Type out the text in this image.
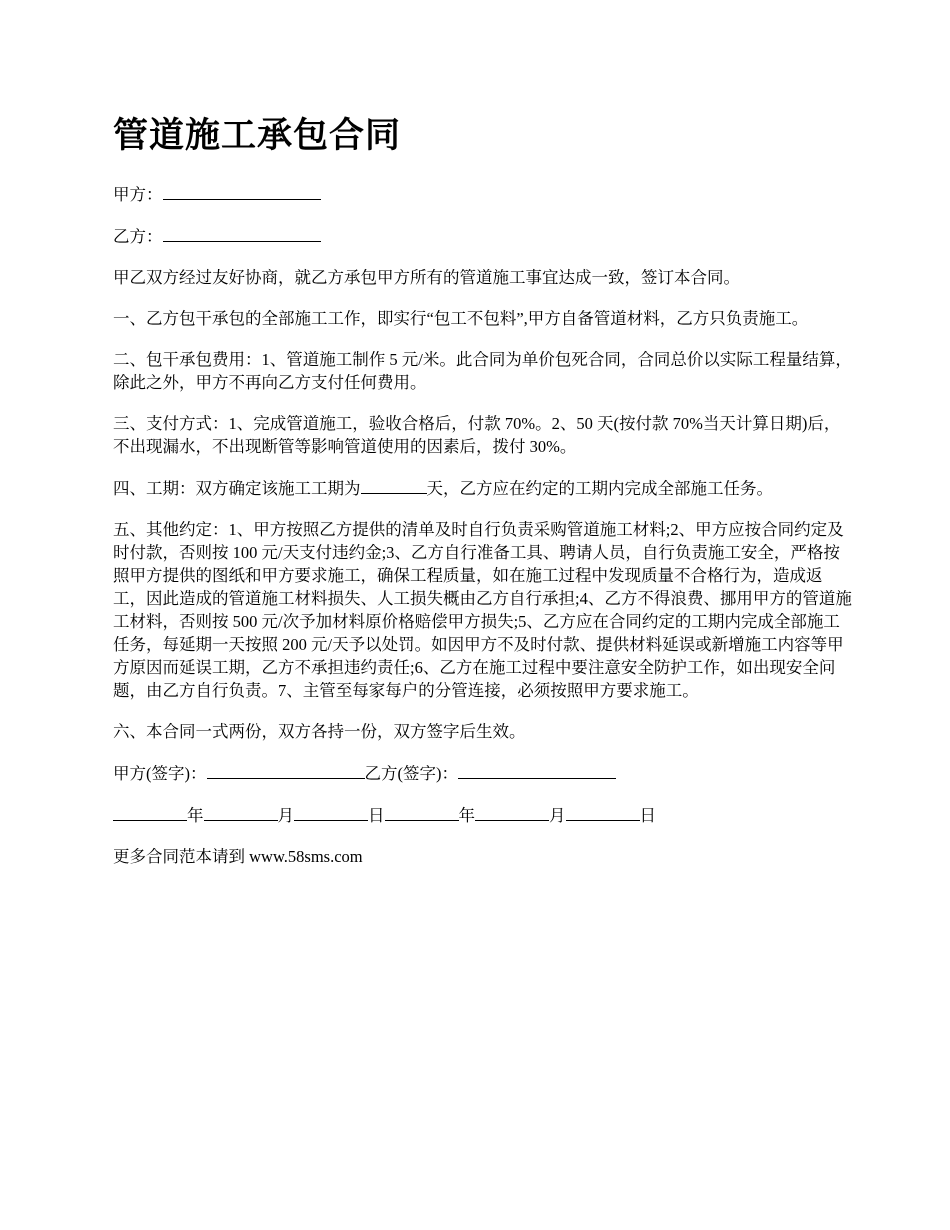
管道施工承包合同
甲方：
乙方：

甲乙双方经过友好协商，就乙方承包甲方所有的管道施工事宜达成一致，签订本合同。

一、乙方包干承包的全部施工工作，即实行“包工不包料”,甲方自备管道材料，乙方只负责施工。

二、包干承包费用：1、管道施工制作 5 元/米。此合同为单价包死合同，合同总价以实际工程量结算，除此之外，甲方不再向乙方支付任何费用。

三、支付方式：1、完成管道施工，验收合格后，付款 70%。2、50 天(按付款 70%当天计算日期)后，不出现漏水，不出现断管等影响管道使用的因素后，拨付 30%。

四、工期：双方确定该施工工期为	天，乙方应在约定的工期内完成全部施工任务。

五、其他约定：1、甲方按照乙方提供的清单及时自行负责采购管道施工材料;2、甲方应按合同约定及时付款，否则按 100 元/天支付违约金;3、乙方自行准备工具、聘请人员，自行负责施工安全，严格按照甲方提供的图纸和甲方要求施工，确保工程质量，如在施工过程中发现质量不合格行为，造成返工，因此造成的管道施工材料损失、人工损失概由乙方自行承担;4、乙方不得浪费、挪用甲方的管道施工材料，否则按 500 元/次予加材料原价格赔偿甲方损失;5、乙方应在合同约定的工期内完成全部施工任务，每延期一天按照 200 元/天予以处罚。如因甲方不及时付款、提供材料延误或新增施工内容等甲方原因而延误工期，乙方不承担违约责任;6、乙方在施工过程中要注意安全防护工作，如出现安全问题，由乙方自行负责。7、主管至每家每户的分管连接，必须按照甲方要求施工。

六、本合同一式两份，双方各持一份，双方签字后生效。

甲方(签字)：	乙方(签字)：
年	月	日	年	月	日
更多合同范本请到 www.58sms.com
